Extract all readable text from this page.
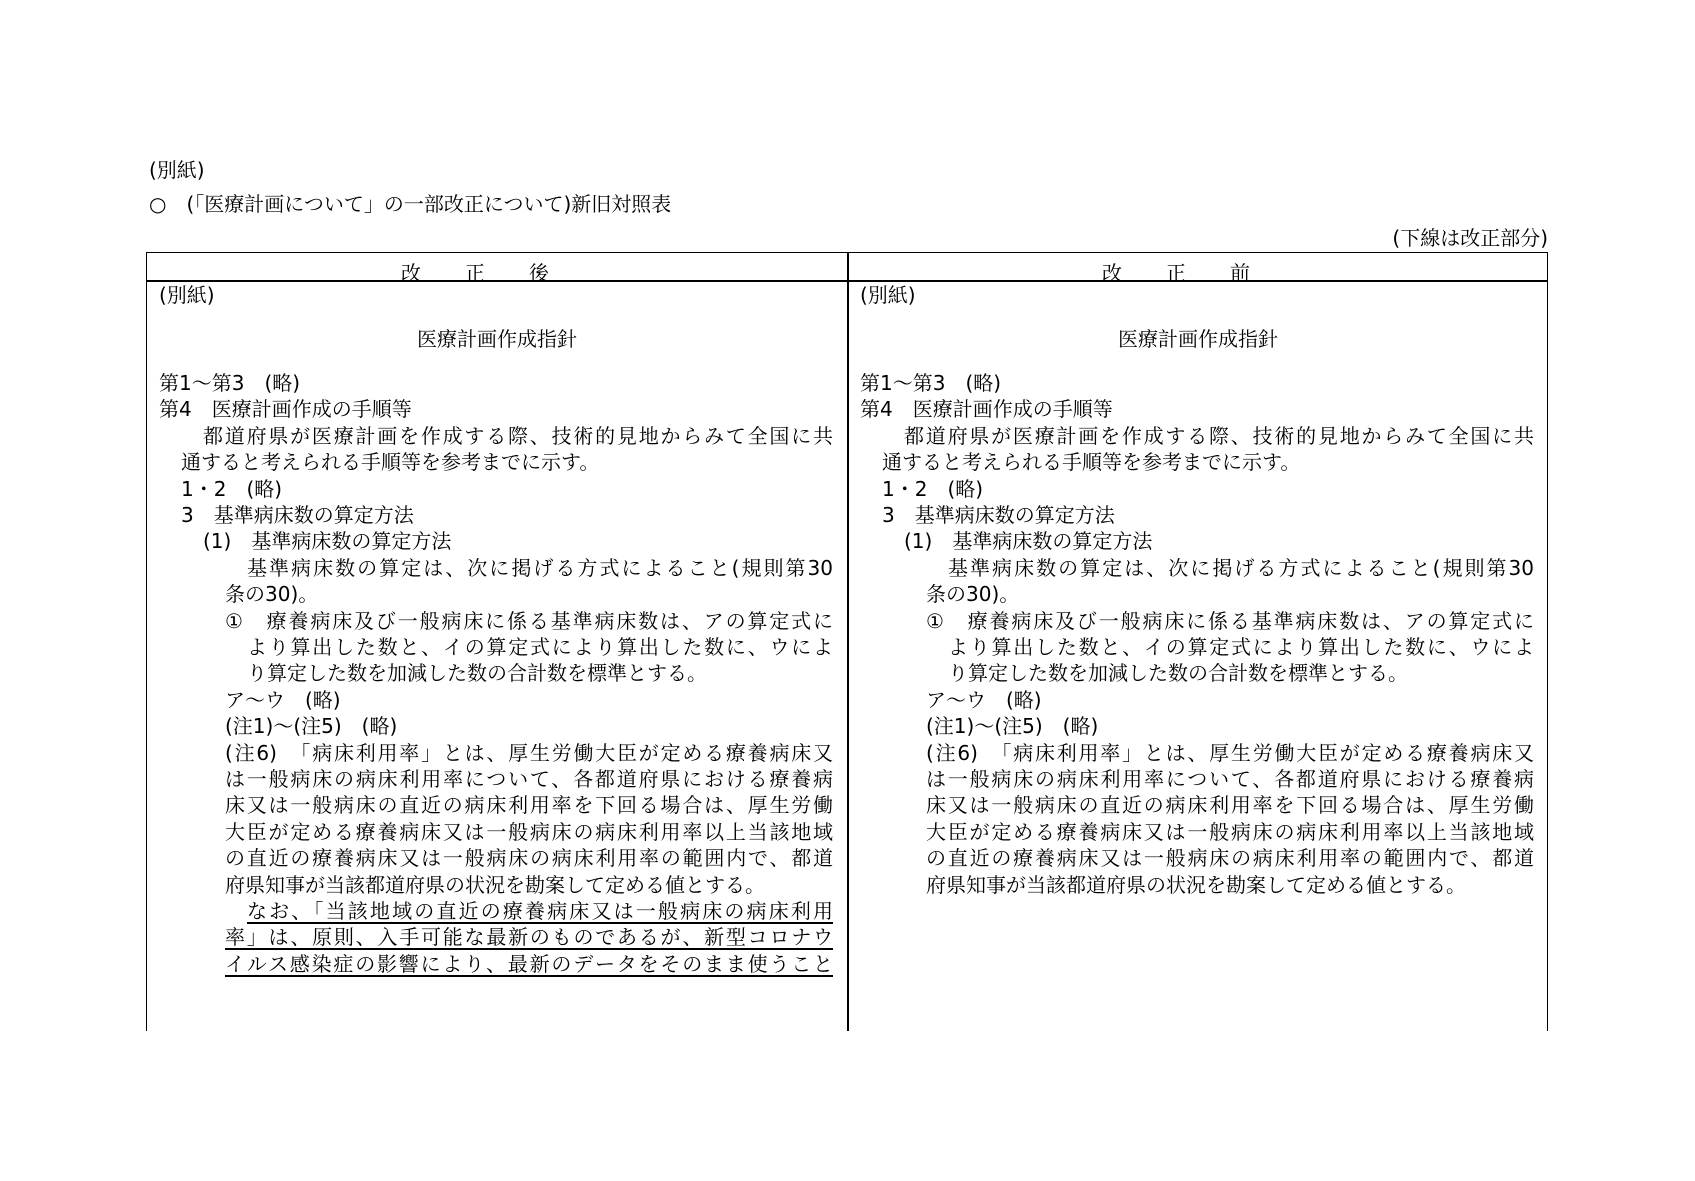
(別紙)
○　(「医療計画について」の一部改正について)新旧対照表
(下線は改正部分)
改正後	改正前
(別紙)
医療計画作成指針
第1〜第3　(略)
第4　医療計画作成の手順等
都道府県が医療計画を作成する際、技術的見地からみて全国に共
通すると考えられる手順等を参考までに示す。
1・2　(略)
3　基準病床数の算定方法
(1)　基準病床数の算定方法
基準病床数の算定は、次に掲げる方式によること(規則第30
条の30)。
①　療養病床及び一般病床に係る基準病床数は、アの算定式に
より算出した数と、イの算定式により算出した数に、ウによ
り算定した数を加減した数の合計数を標準とする。
ア〜ウ　(略)
(注1)〜(注5)　(略)
(注6)　「病床利用率」とは、厚生労働大臣が定める療養病床又
は一般病床の病床利用率について、各都道府県における療養病
床又は一般病床の直近の病床利用率を下回る場合は、厚生労働
大臣が定める療養病床又は一般病床の病床利用率以上当該地域
の直近の療養病床又は一般病床の病床利用率の範囲内で、都道
府県知事が当該都道府県の状況を勘案して定める値とする。
なお、「当該地域の直近の療養病床又は一般病床の病床利用
率」は、原則、入手可能な最新のものであるが、新型コロナウ
イルス感染症の影響により、最新のデータをそのまま使うこと
(別紙)
医療計画作成指針
第1〜第3　(略)
第4　医療計画作成の手順等
都道府県が医療計画を作成する際、技術的見地からみて全国に共
通すると考えられる手順等を参考までに示す。
1・2　(略)
3　基準病床数の算定方法
(1)　基準病床数の算定方法
基準病床数の算定は、次に掲げる方式によること(規則第30
条の30)。
①　療養病床及び一般病床に係る基準病床数は、アの算定式に
より算出した数と、イの算定式により算出した数に、ウによ
り算定した数を加減した数の合計数を標準とする。
ア〜ウ　(略)
(注1)〜(注5)　(略)
(注6)　「病床利用率」とは、厚生労働大臣が定める療養病床又
は一般病床の病床利用率について、各都道府県における療養病
床又は一般病床の直近の病床利用率を下回る場合は、厚生労働
大臣が定める療養病床又は一般病床の病床利用率以上当該地域
の直近の療養病床又は一般病床の病床利用率の範囲内で、都道
府県知事が当該都道府県の状況を勘案して定める値とする。
